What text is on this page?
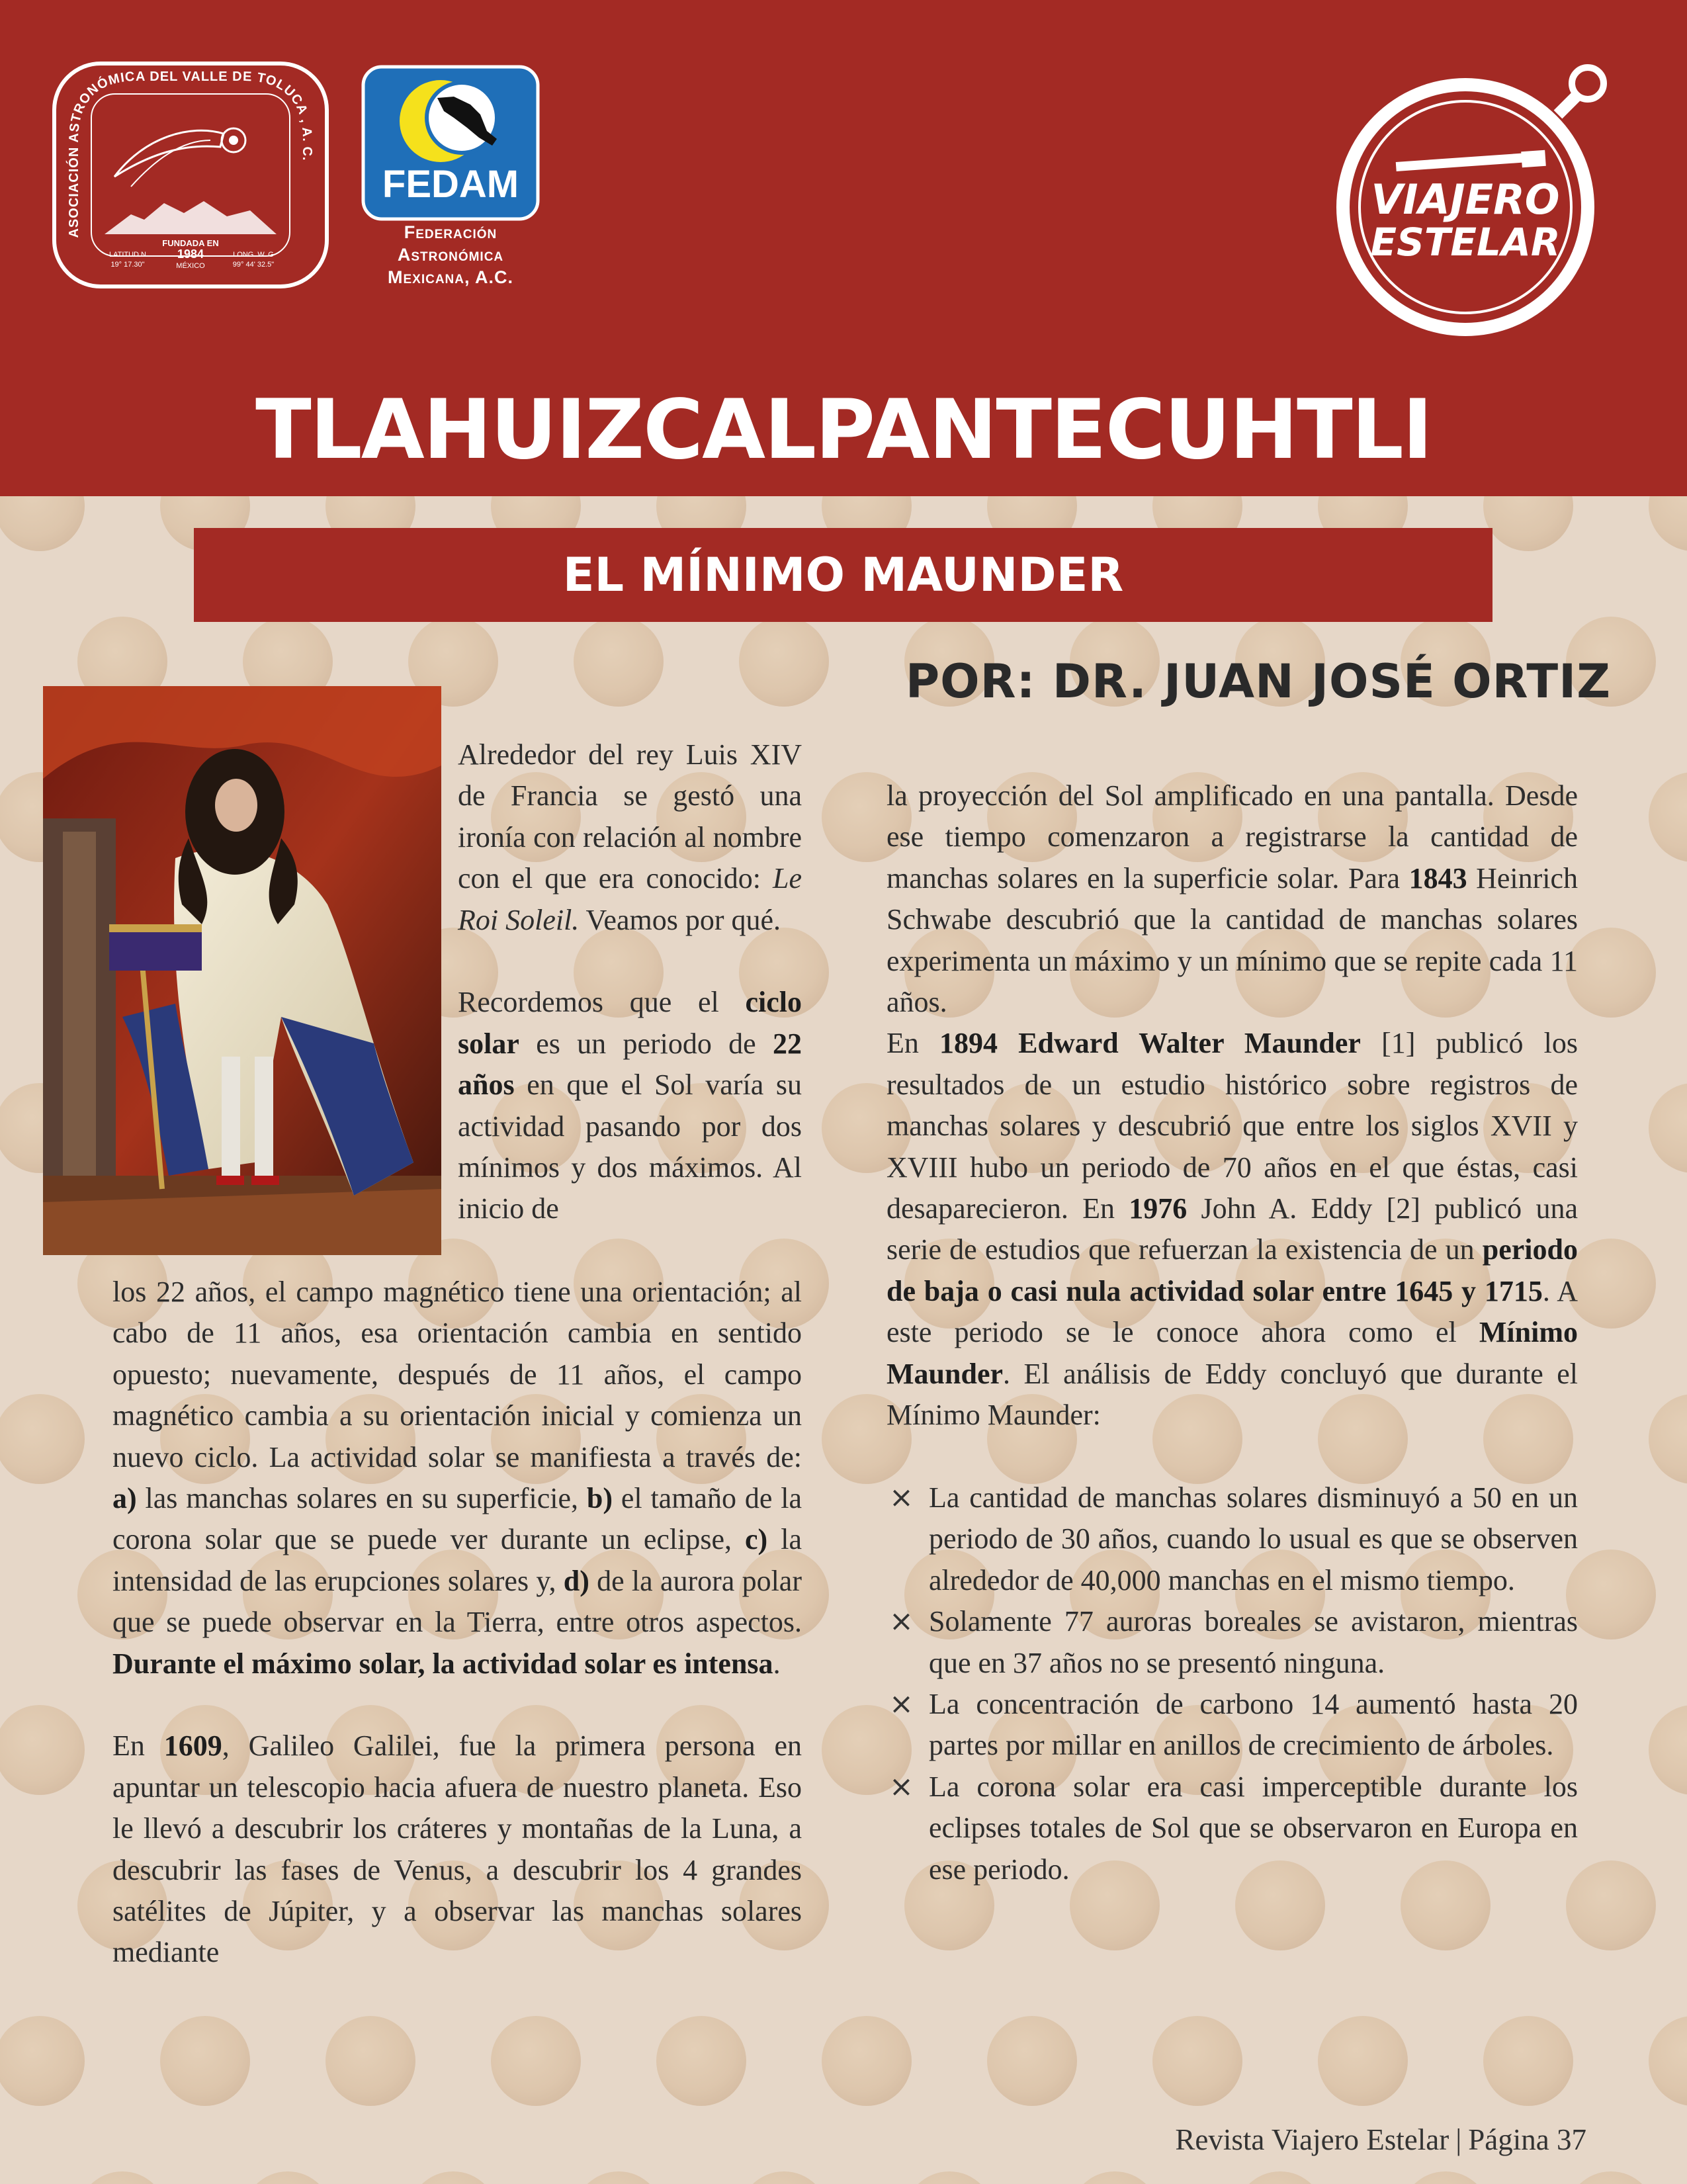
ASOCIACIÓN ASTRONÓMICA DEL VALLE DE TOLUCA , A. C.
FUNDADA EN
1984
MÉXICO
LATITUD N
19° 17.30"
LONG. W. G
99° 44' 32.5"
FEDAM
Federación
Astronómica
Mexicana, A.C.
VIAJERO
ESTELAR
TLAHUIZCALPANTECUHTLI
EL MÍNIMO MAUNDER
POR: DR. JUAN JOSÉ ORTIZ

Alrededor del rey Luis XIV de Francia se gestó una ironía con relación al nombre con el que era conocido: Le Roi Soleil. Veamos por qué.

Recordemos que el ciclo solar es un periodo de 22 años en que el Sol varía su actividad pasando por dos mínimos y dos máximos. Al inicio de

los 22 años, el campo magnético tiene una orientación; al cabo de 11 años, esa orientación cambia en sentido opuesto; nuevamente, después de 11 años, el campo magnético cambia a su orientación inicial y comienza un nuevo ciclo. La actividad solar se manifiesta a través de: a) las manchas solares en su superficie, b) el tamaño de la corona solar que se puede ver durante un eclipse, c) la intensidad de las erupciones solares y, d) de la aurora polar que se puede observar en la Tierra, entre otros aspectos. Durante el máximo solar, la actividad solar es intensa.

En 1609, Galileo Galilei, fue la primera persona en apuntar un telescopio hacia afuera de nuestro planeta. Eso le llevó a descubrir los cráteres y montañas de la Luna, a descubrir las fases de Venus, a descubrir los 4 grandes satélites de Júpiter, y a observar las manchas solares mediante

la proyección del Sol amplificado en una pantalla. Desde ese tiempo comenzaron a registrarse la cantidad de manchas solares en la superficie solar. Para 1843 Heinrich Schwabe descubrió que la cantidad de manchas solares experimenta un máximo y un mínimo que se repite cada 11 años.

En 1894 Edward Walter Maunder [1] publicó los resultados de un estudio histórico sobre registros de manchas solares y descubrió que entre los siglos XVII y XVIII hubo un periodo de 70 años en el que éstas, casi desaparecieron. En 1976 John A. Eddy [2] publicó una serie de estudios que refuerzan la existencia de un periodo de baja o casi nula actividad solar entre 1645 y 1715. A este periodo se le conoce ahora como el Mínimo Maunder. El análisis de Eddy concluyó que durante el Mínimo Maunder:

⨯ La cantidad de manchas solares disminuyó a 50 en un periodo de 30 años, cuando lo usual es que se observen alrededor de 40,000 manchas en el mismo tiempo.
⨯ Solamente 77 auroras boreales se avistaron, mientras que en 37 años no se presentó ninguna.
⨯ La concentración de carbono 14 aumentó hasta 20 partes por millar en anillos de crecimiento de árboles.
⨯ La corona solar era casi imperceptible durante los eclipses totales de Sol que se observaron en Europa en ese periodo.
Revista Viajero Estelar | Página 37
